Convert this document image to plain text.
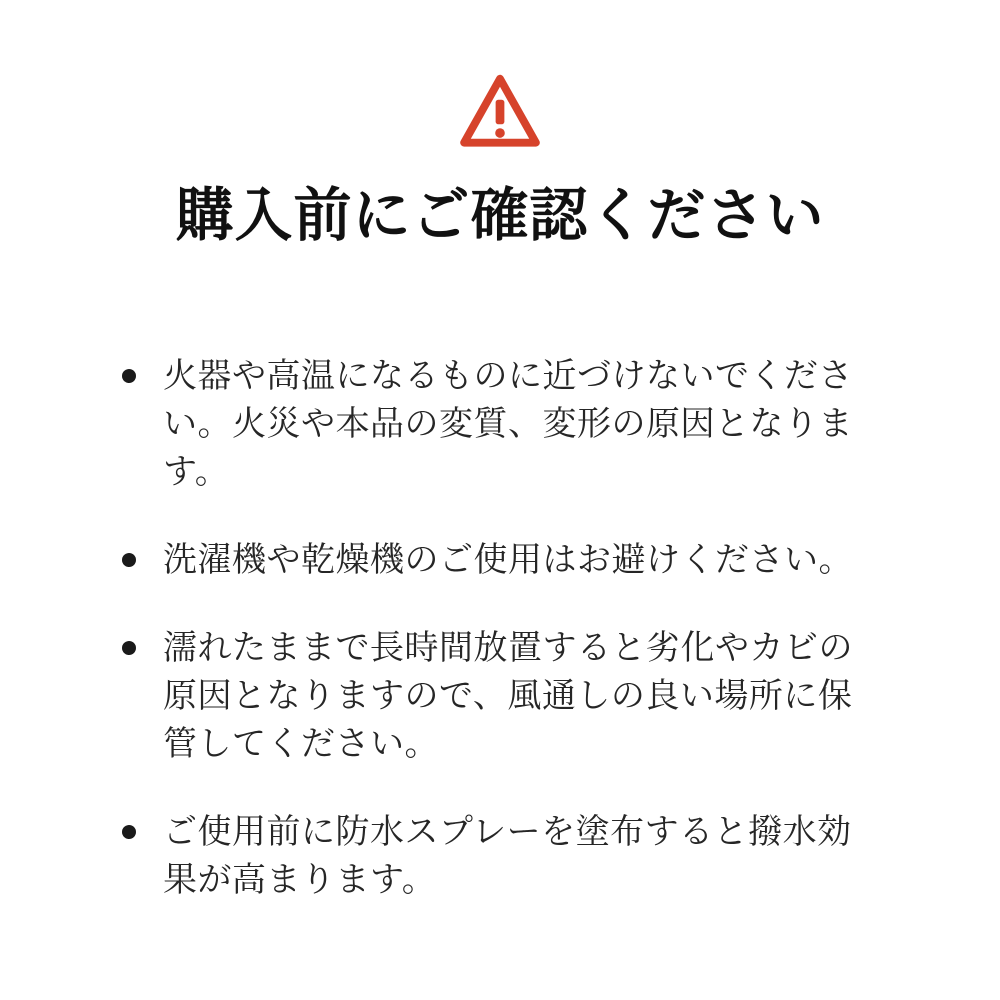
購入前にご確認ください
火器や高温になるものに近づけないでください。火災や本品の変質、変形の原因となります。
洗濯機や乾燥機のご使用はお避けください。
濡れたままで長時間放置すると劣化やカビの原因となりますので、風通しの良い場所に保管してください。
ご使用前に防水スプレーを塗布すると撥水効果が高まります。
